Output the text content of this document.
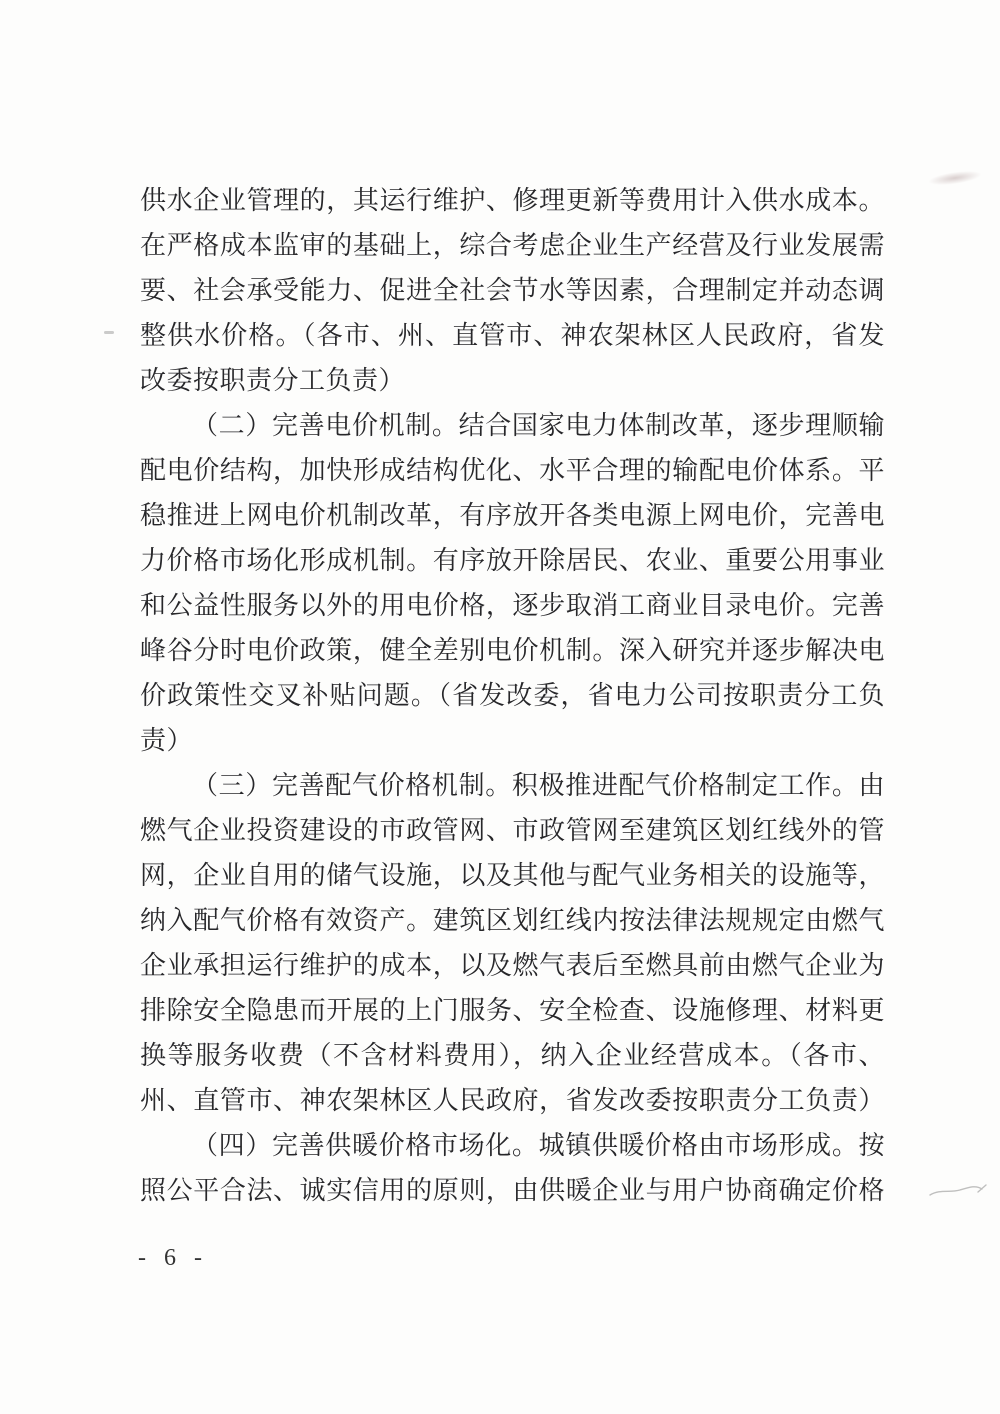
供水企业管理的，其运行维护、修理更新等费用计入供水成本。
在严格成本监审的基础上，综合考虑企业生产经营及行业发展需
要、社会承受能力、促进全社会节水等因素，合理制定并动态调
整供水价格。（各市、州、直管市、神农架林区人民政府，省发
改委按职责分工负责）
（二）完善电价机制。结合国家电力体制改革，逐步理顺输
配电价结构，加快形成结构优化、水平合理的输配电价体系。平
稳推进上网电价机制改革，有序放开各类电源上网电价，完善电
力价格市场化形成机制。有序放开除居民、农业、重要公用事业
和公益性服务以外的用电价格，逐步取消工商业目录电价。完善
峰谷分时电价政策，健全差别电价机制。深入研究并逐步解决电
价政策性交叉补贴问题。（省发改委，省电力公司按职责分工负
责）
（三）完善配气价格机制。积极推进配气价格制定工作。由
燃气企业投资建设的市政管网、市政管网至建筑区划红线外的管
网，企业自用的储气设施，以及其他与配气业务相关的设施等，
纳入配气价格有效资产。建筑区划红线内按法律法规规定由燃气
企业承担运行维护的成本，以及燃气表后至燃具前由燃气企业为
排除安全隐患而开展的上门服务、安全检查、设施修理、材料更
换等服务收费（不含材料费用），纳入企业经营成本。（各市、
州、直管市、神农架林区人民政府，省发改委按职责分工负责）
（四）完善供暖价格市场化。城镇供暖价格由市场形成。按
照公平合法、诚实信用的原则，由供暖企业与用户协商确定价格
- 6 -
